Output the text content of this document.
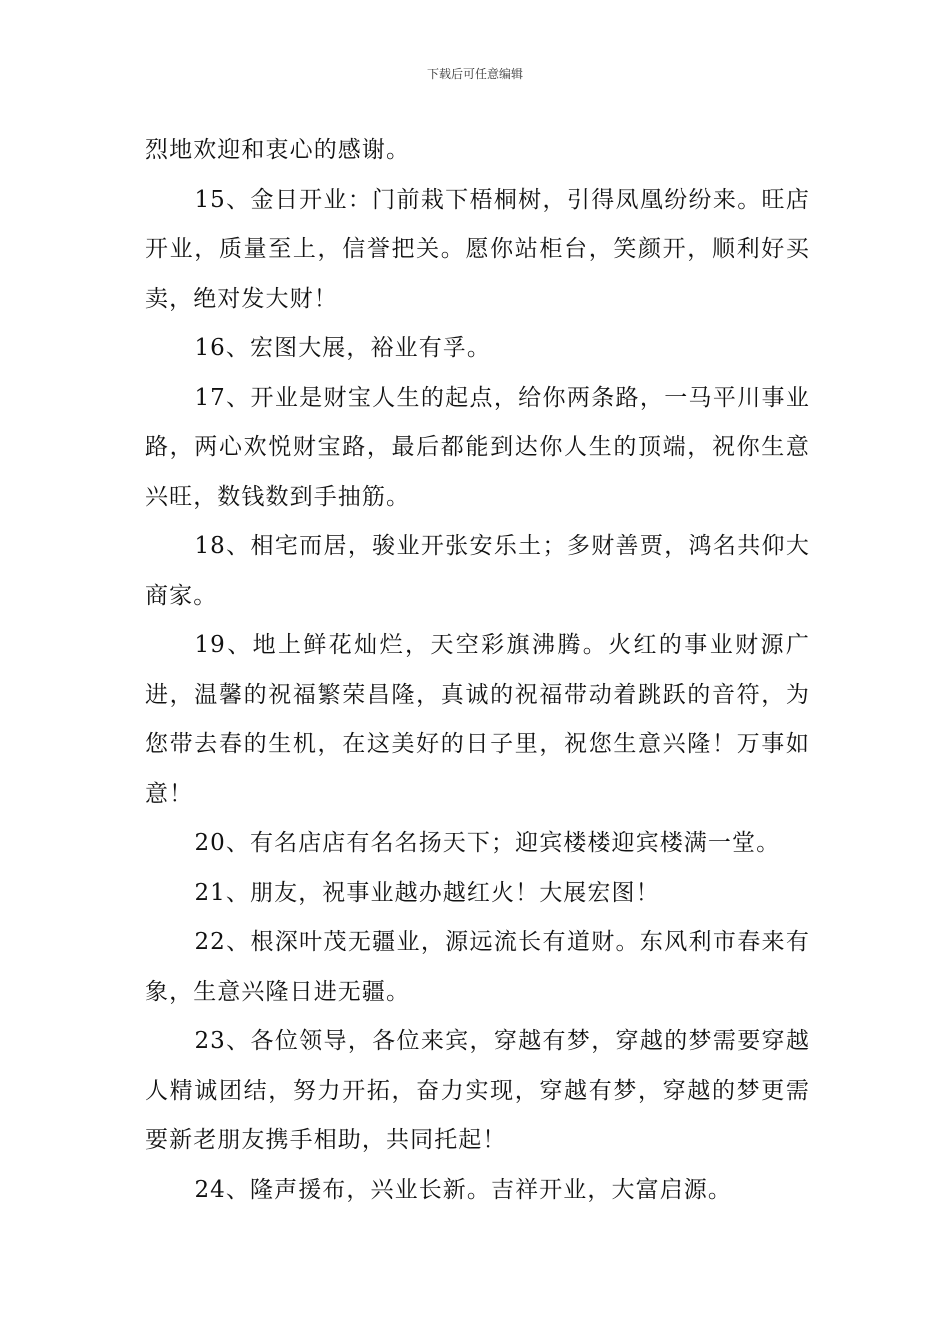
下载后可任意编辑

烈地欢迎和衷心的感谢。

15、金日开业：门前栽下梧桐树，引得凤凰纷纷来。旺店开业，质量至上，信誉把关。愿你站柜台，笑颜开，顺利好买卖，绝对发大财！

16、宏图大展，裕业有孚。

17、开业是财宝人生的起点，给你两条路，一马平川事业路，两心欢悦财宝路，最后都能到达你人生的顶端，祝你生意兴旺，数钱数到手抽筋。

18、相宅而居，骏业开张安乐土；多财善贾，鸿名共仰大商家。

19、地上鲜花灿烂，天空彩旗沸腾。火红的事业财源广进，温馨的祝福繁荣昌隆，真诚的祝福带动着跳跃的音符，为您带去春的生机，在这美好的日子里，祝您生意兴隆！万事如意！

20、有名店店有名名扬天下；迎宾楼楼迎宾楼满一堂。

21、朋友，祝事业越办越红火！大展宏图！

22、根深叶茂无疆业，源远流长有道财。东风利市春来有象，生意兴隆日进无疆。

23、各位领导，各位来宾，穿越有梦，穿越的梦需要穿越人精诚团结，努力开拓，奋力实现，穿越有梦，穿越的梦更需要新老朋友携手相助，共同托起！

24、隆声援布，兴业长新。吉祥开业，大富启源。
